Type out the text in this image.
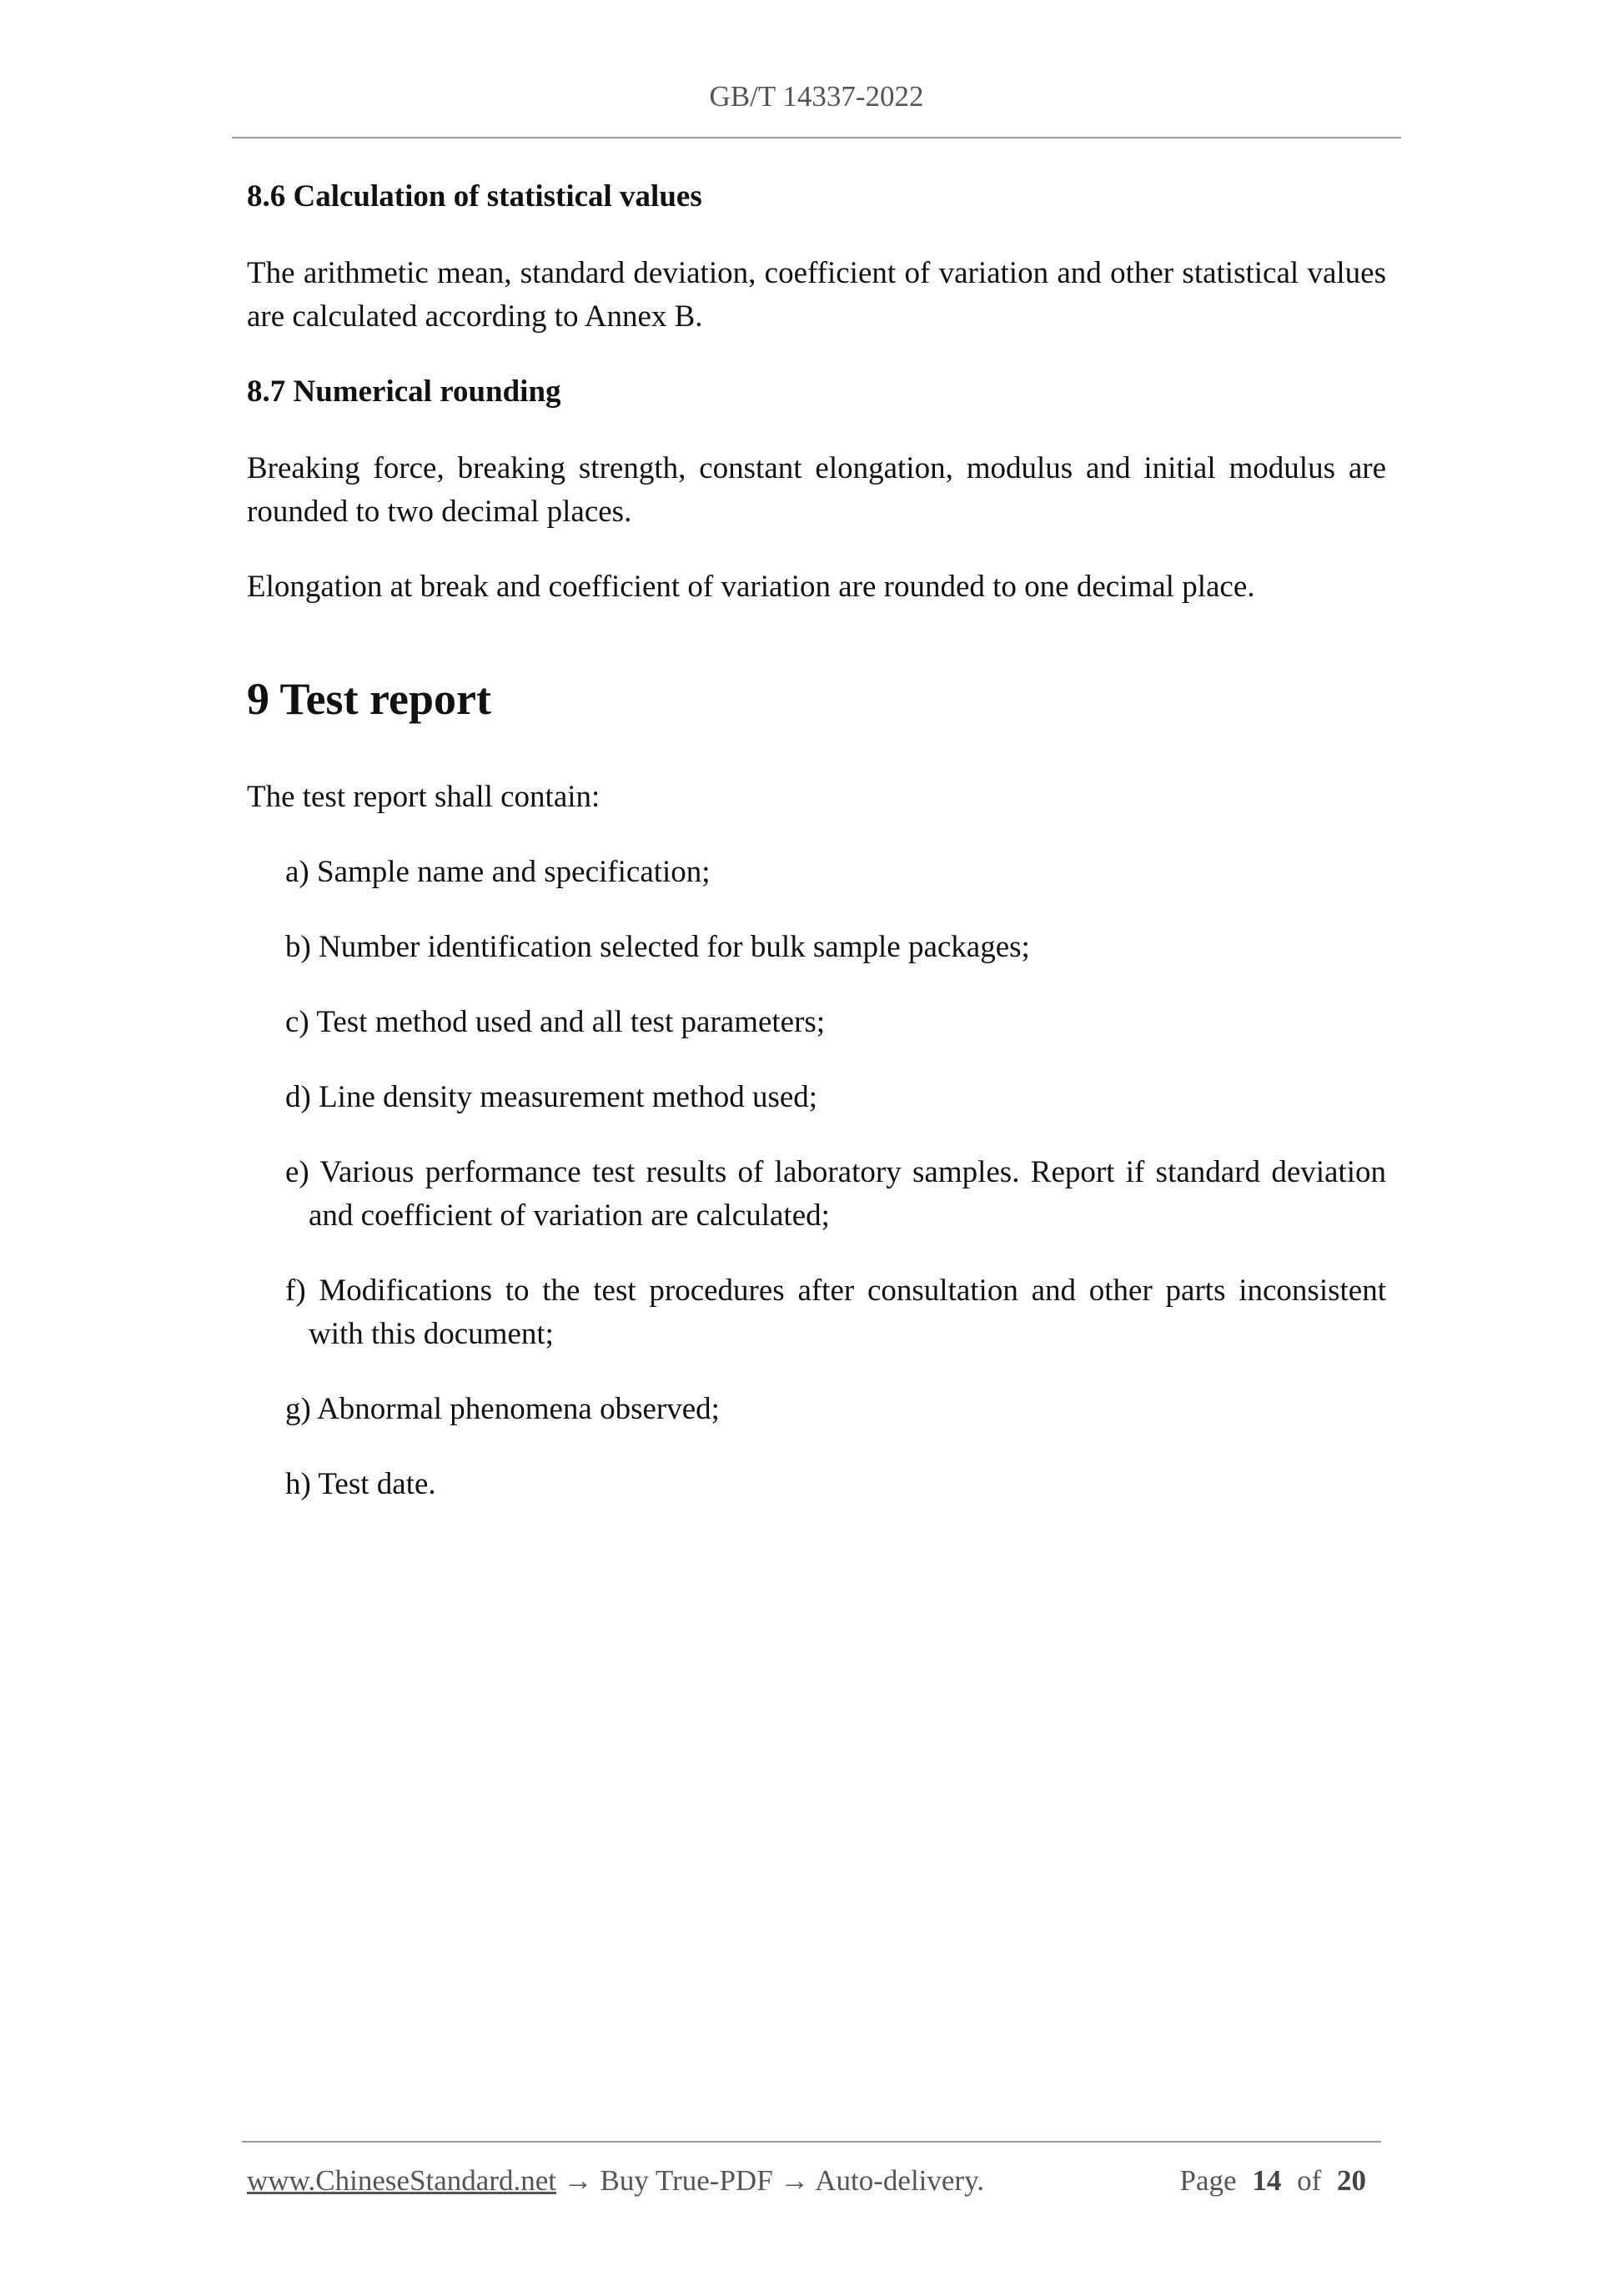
GB/T 14337-2022
8.6 Calculation of statistical values

The arithmetic mean, standard deviation, coefficient of variation and other statistical values are calculated according to Annex B.

8.7 Numerical rounding

Breaking force, breaking strength, constant elongation, modulus and initial modulus are rounded to two decimal places.

Elongation at break and coefficient of variation are rounded to one decimal place.

9 Test report

The test report shall contain:

a) Sample name and specification;
b) Number identification selected for bulk sample packages;
c) Test method used and all test parameters;
d) Line density measurement method used;
e) Various performance test results of laboratory samples. Report if standard deviation and coefficient of variation are calculated;
f) Modifications to the test procedures after consultation and other parts inconsistent with this document;
g) Abnormal phenomena observed;
h) Test date.
www.ChineseStandard.net → Buy True-PDF → Auto-delivery.	Page 14 of 20
